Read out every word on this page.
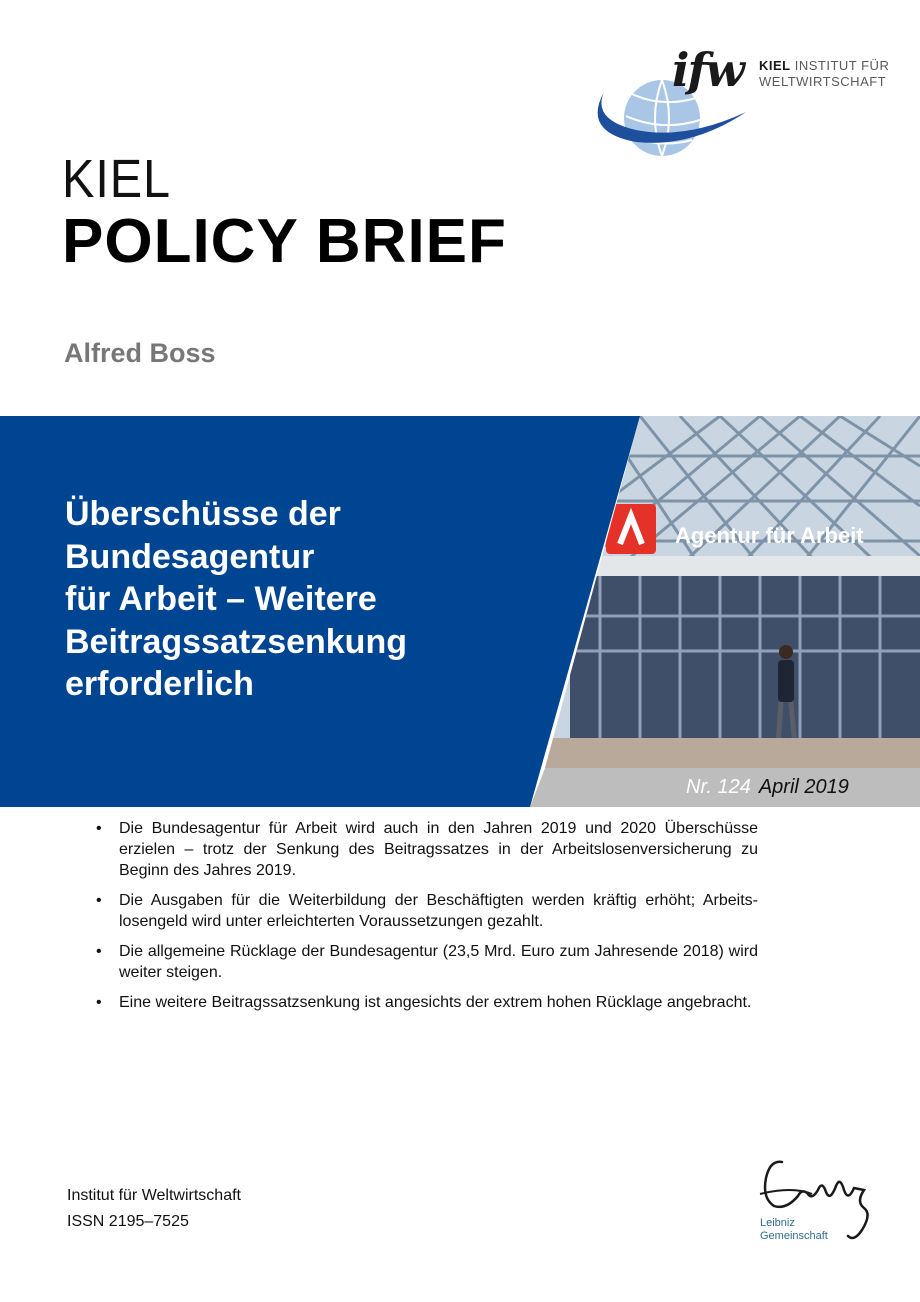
ifw KIEL INSTITUT FÜR
WELTWIRTSCHAFT
KIEL
POLICY BRIEF
Alfred Boss
Agentur für Arbeit
Überschüsse der
Bundesagentur
für Arbeit – Weitere
Beitragssatzsenkung
erforderlich
Nr. 124 April 2019
• Die Bundesagentur für Arbeit wird auch in den Jahren 2019 und 2020 Überschüsse erzielen – trotz der Senkung des Beitragssatzes in der Arbeitslosenversicherung zu Beginn des Jahres 2019.
• Die Ausgaben für die Weiterbildung der Beschäftigten werden kräftig erhöht; Arbeitslosengeld wird unter erleichterten Voraussetzungen gezahlt.
• Die allgemeine Rücklage der Bundesagentur (23,5 Mrd. Euro zum Jahresende 2018) wird weiter steigen.
• Eine weitere Beitragssatzsenkung ist angesichts der extrem hohen Rücklage angebracht.
Institut für Weltwirtschaft
ISSN 2195–7525	Leibniz
Gemeinschaft
